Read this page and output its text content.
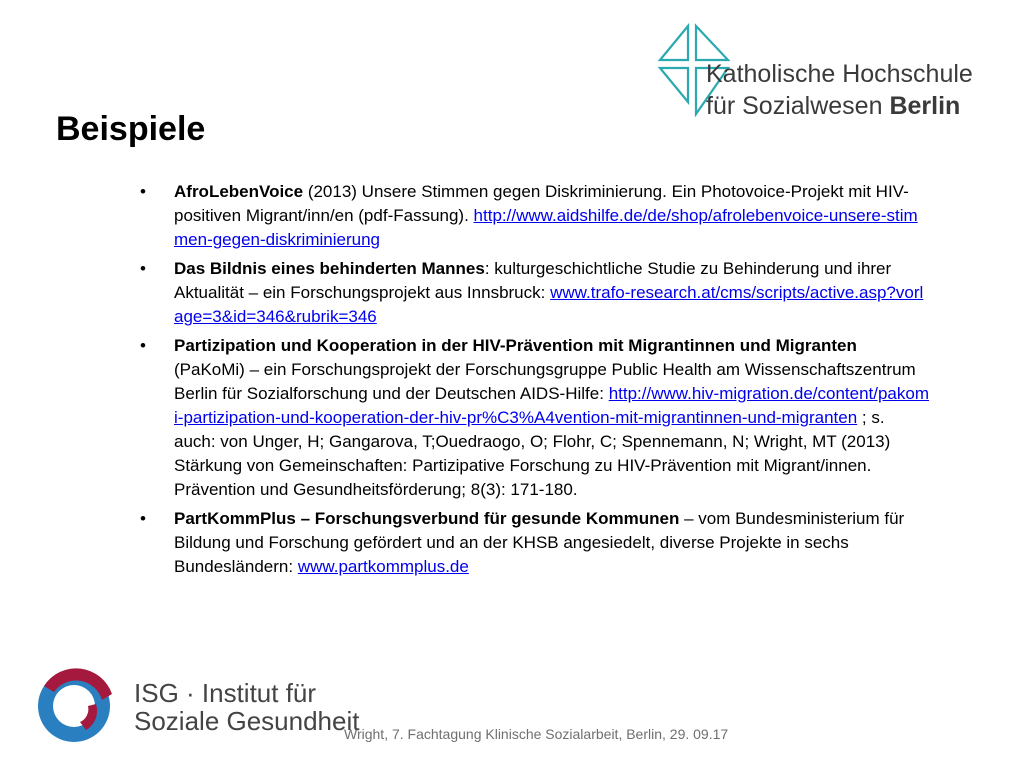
Katholische Hochschule
für Sozialwesen Berlin
Beispiele
• AfroLebenVoice (2013) Unsere Stimmen gegen Diskriminierung. Ein Photovoice-Projekt mit HIV-positiven Migrant/inn/en (pdf-Fassung). http://www.aidshilfe.de/de/shop/afrolebenvoice-unsere-stimmen-gegen-diskriminierung
• Das Bildnis eines behinderten Mannes: kulturgeschichtliche Studie zu Behinderung und ihrer Aktualität – ein Forschungsprojekt aus Innsbruck: www.trafo-research.at/cms/scripts/active.asp?vorlage=3&id=346&rubrik=346
• Partizipation und Kooperation in der HIV-Prävention mit Migrantinnen und Migranten (PaKoMi) – ein Forschungsprojekt der Forschungsgruppe Public Health am Wissenschaftszentrum Berlin für Sozialforschung und der Deutschen AIDS-Hilfe: http://www.hiv-migration.de/content/pakomi-partizipation-und-kooperation-der-hiv-pr%C3%A4vention-mit-migrantinnen-und-migranten ; s. auch: von Unger, H; Gangarova, T;Ouedraogo, O; Flohr, C; Spennemann, N; Wright, MT (2013) Stärkung von Gemeinschaften: Partizipative Forschung zu HIV-Prävention mit Migrant/innen. Prävention und Gesundheitsförderung; 8(3): 171-180.
• PartKommPlus – Forschungsverbund für gesunde Kommunen – vom Bundesministerium für Bildung und Forschung gefördert und an der KHSB angesiedelt, diverse Projekte in sechs Bundesländern: www.partkommplus.de
ISG · Institut für
Soziale Gesundheit
Wright, 7. Fachtagung Klinische Sozialarbeit, Berlin, 29. 09.17
